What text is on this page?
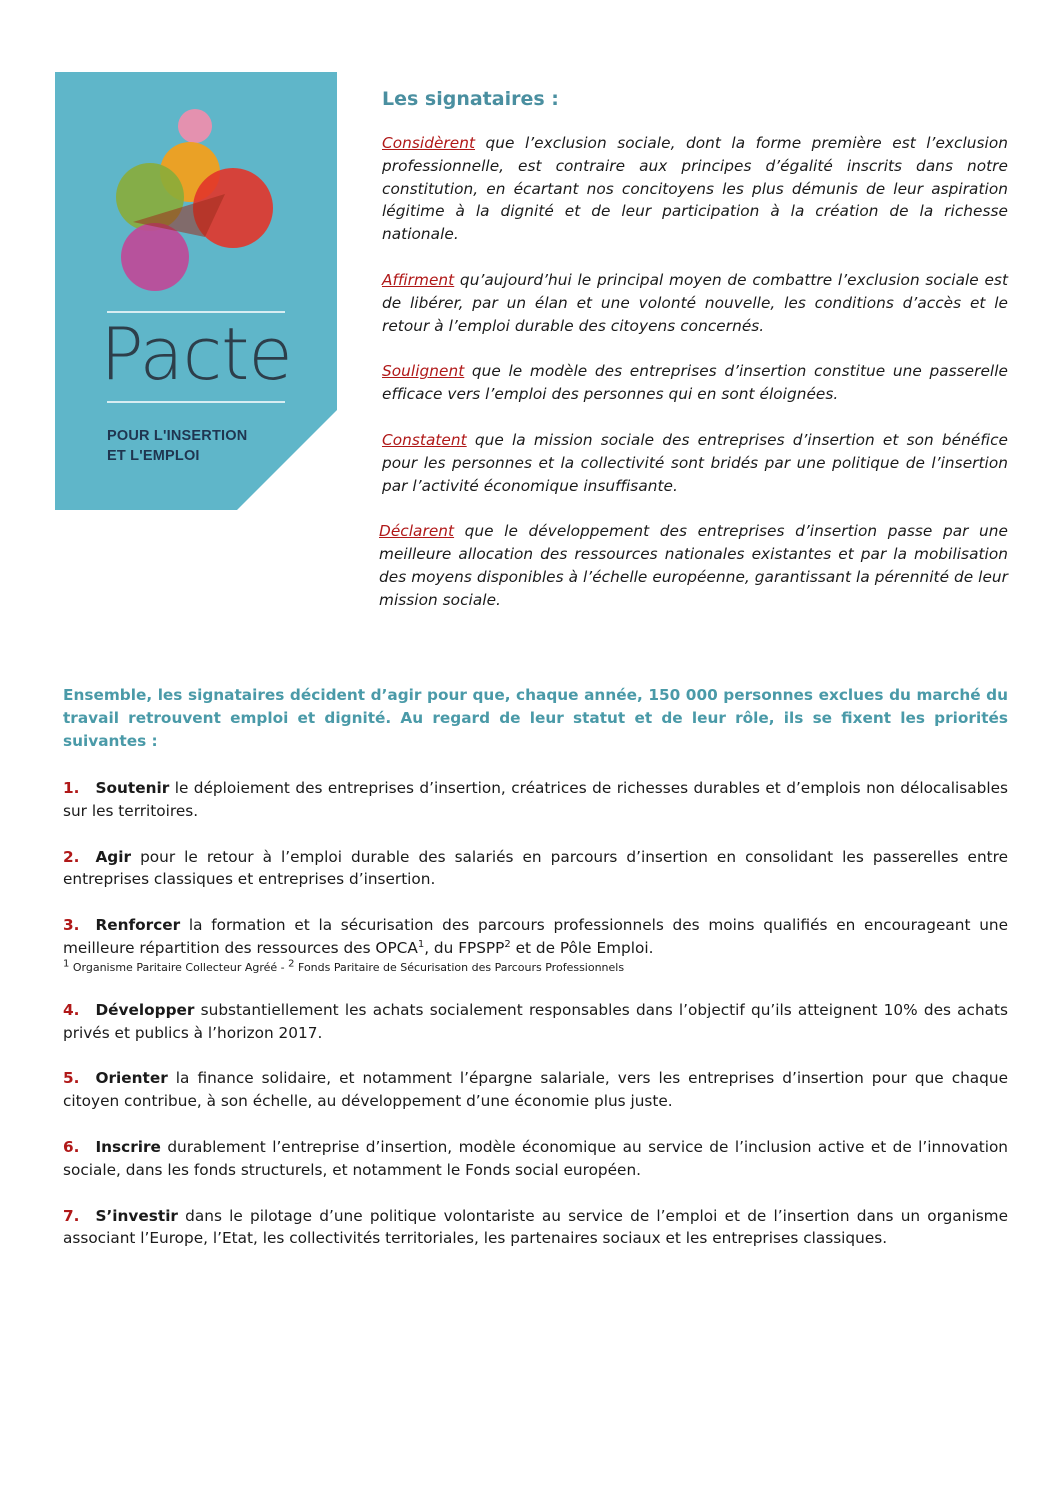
Pacte
POUR L'INSERTION
ET L'EMPLOI
Les signataires :

Considèrent que l’exclusion sociale, dont la forme première est l’exclusion professionnelle, est contraire aux principes d’égalité inscrits dans notre constitution, en écartant nos concitoyens les plus démunis de leur aspiration légitime à la dignité et de leur participation à la création de la richesse nationale.

Affirment qu’aujourd’hui le principal moyen de combattre l’exclusion sociale est de libérer, par un élan et une volonté nouvelle, les conditions d’accès et le retour à l’emploi durable des citoyens concernés.

Soulignent que le modèle des entreprises d’insertion constitue une passerelle efficace vers l’emploi des personnes qui en sont éloignées.

Constatent que la mission sociale des entreprises d’insertion et son bénéfice pour les personnes et la collectivité sont bridés par une politique de l’insertion par l’activité économique insuffisante.

Déclarent que le développement des entreprises d’insertion passe par une meilleure allocation des ressources nationales existantes et par la mobilisation des moyens disponibles à l’échelle européenne, garantissant la pérennité de leur mission sociale.

Ensemble, les signataires décident d’agir pour que, chaque année, 150 000 personnes exclues du marché du travail retrouvent emploi et dignité. Au regard de leur statut et de leur rôle, ils se fixent les priorités suivantes :

1. Soutenir le déploiement des entreprises d’insertion, créatrices de richesses durables et d’emplois non délocalisables sur les territoires.

2. Agir pour le retour à l’emploi durable des salariés en parcours d’insertion en consolidant les passerelles entre entreprises classiques et entreprises d’insertion.

3. Renforcer la formation et la sécurisation des parcours professionnels des moins qualifiés en encourageant une meilleure répartition des ressources des OPCA$^1$, du FPSPP$^2$ et de Pôle Emploi.

$^1$ Organisme Paritaire Collecteur Agréé - $^2$ Fonds Paritaire de Sécurisation des Parcours Professionnels

4. Développer substantiellement les achats socialement responsables dans l’objectif qu’ils atteignent 10% des achats privés et publics à l’horizon 2017.

5. Orienter la finance solidaire, et notamment l’épargne salariale, vers les entreprises d’insertion pour que chaque citoyen contribue, à son échelle, au développement d’une économie plus juste.

6. Inscrire durablement l’entreprise d’insertion, modèle économique au service de l’inclusion active et de l’innovation sociale, dans les fonds structurels, et notamment le Fonds social européen.

7. S’investir dans le pilotage d’une politique volontariste au service de l’emploi et de l’insertion dans un organisme associant l’Europe, l’Etat, les collectivités territoriales, les partenaires sociaux et les entreprises classiques.
